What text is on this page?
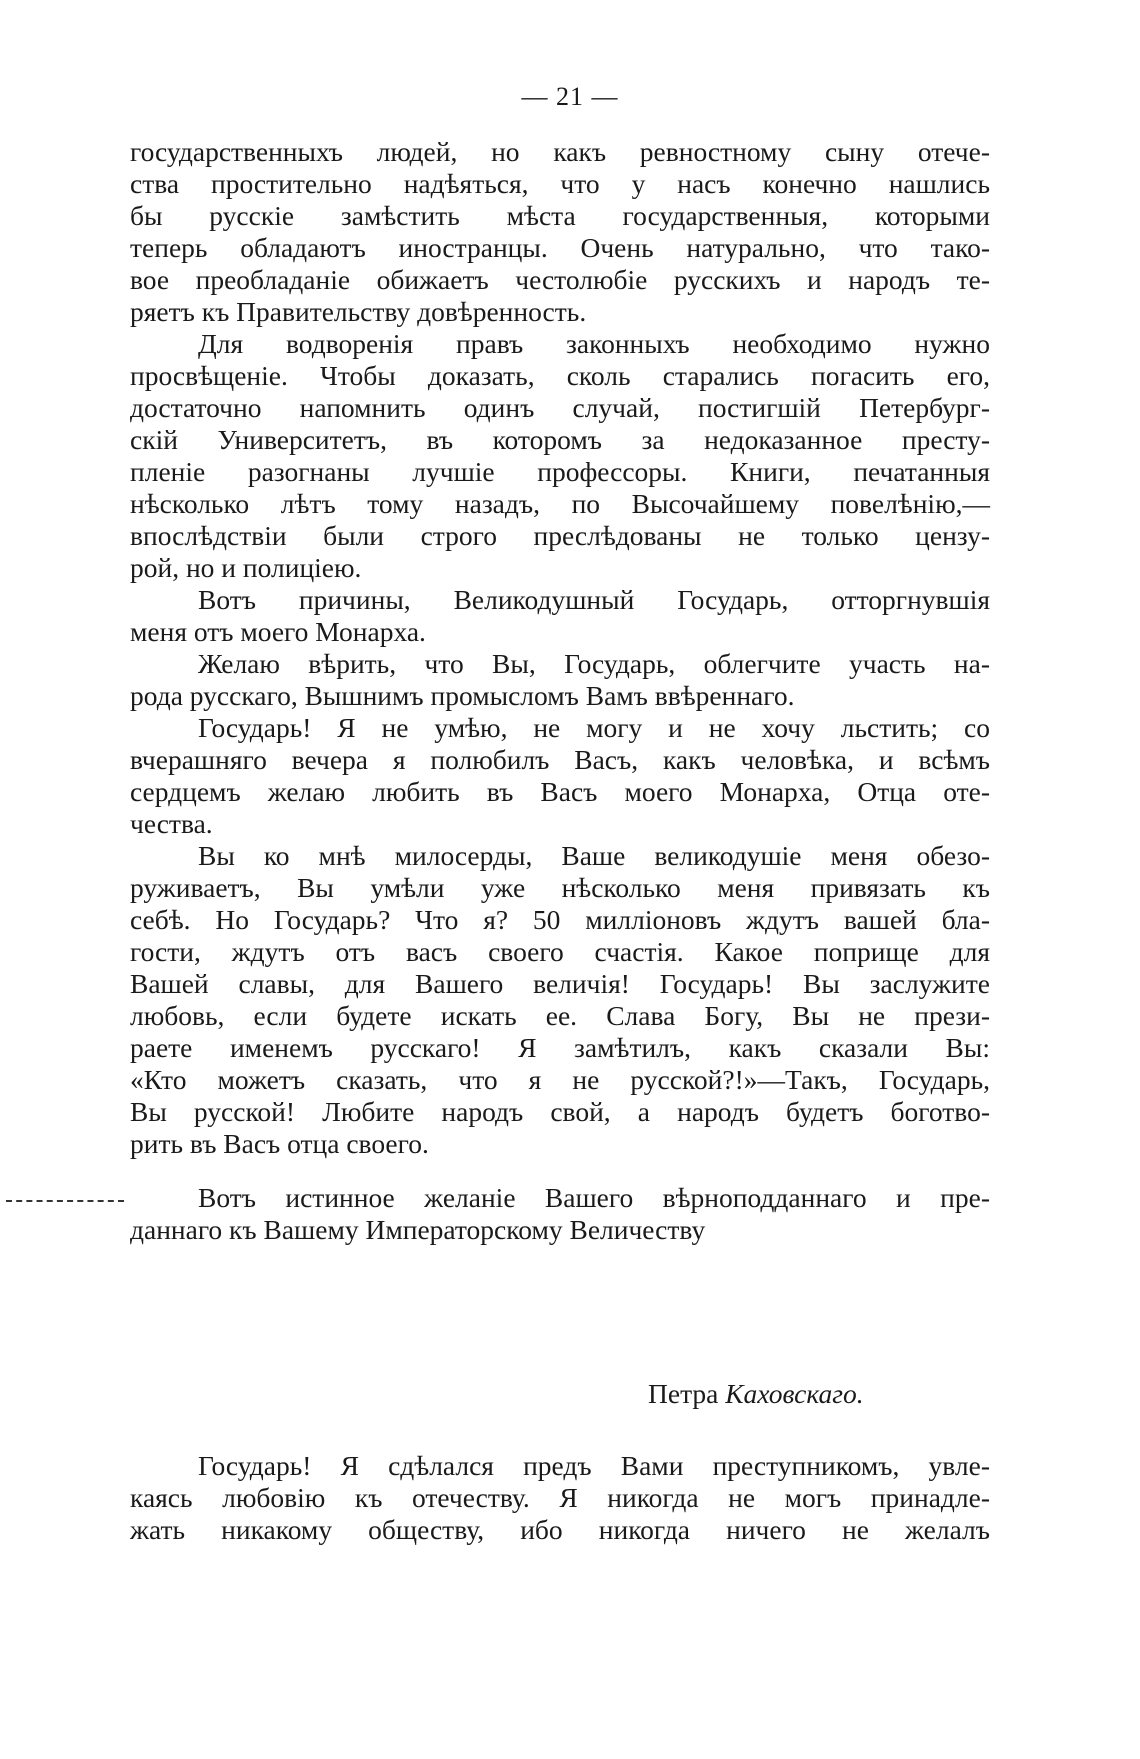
— 21 —
государственныхъ людей, но какъ ревностному сыну отече-
ства простительно надѣяться, что у насъ конечно нашлись
бы русскіе замѣстить мѣста государственныя, которыми
теперь обладаютъ иностранцы. Очень натурально, что тако-
вое преобладаніе обижаетъ честолюбіе русскихъ и народъ те-
ряетъ къ Правительству довѣренность.
Для водворенія правъ законныхъ необходимо нужно
просвѣщеніе. Чтобы доказать, сколь старались погасить его,
достаточно напомнить одинъ случай, постигшій Петербург-
скій Университетъ, въ которомъ за недоказанное престу-
пленіе разогнаны лучшіе профессоры. Книги, печатанныя
нѣсколько лѣтъ тому назадъ, по Высочайшему повелѣнію,—
впослѣдствіи были строго преслѣдованы не только цензу-
рой, но и полиціею.
Вотъ причины, Великодушный Государь, отторгнувшія
меня отъ моего Монарха.
Желаю вѣрить, что Вы, Государь, облегчите участь на-
рода русскаго, Вышнимъ промысломъ Вамъ ввѣреннаго.
Государь! Я не умѣю, не могу и не хочу льстить; со
вчерашняго вечера я полюбилъ Васъ, какъ человѣка, и всѣмъ
сердцемъ желаю любить въ Васъ моего Монарха, Отца оте-
чества.
Вы ко мнѣ милосерды, Ваше великодушіе меня обезо-
руживаетъ, Вы умѣли уже нѣсколько меня привязать къ
себѣ. Но Государь? Что я? 50 милліоновъ ждутъ вашей бла-
гости, ждутъ отъ васъ своего счастія. Какое поприще для
Вашей славы, для Вашего величія! Государь! Вы заслужите
любовь, если будете искать ее. Слава Богу, Вы не прези-
раете именемъ русскаго! Я замѣтилъ, какъ сказали Вы:
«Кто можетъ сказать, что я не русской?!»—Такъ, Государь,
Вы русской! Любите народъ свой, а народъ будетъ боготво-
рить въ Васъ отца своего.
Вотъ истинное желаніе Вашего вѣрноподданнаго и пре-
даннаго къ Вашему Императорскому Величеству
Петра Каховскаго.
Государь! Я сдѣлался предъ Вами преступникомъ, увле-
каясь любовію къ отечеству. Я никогда не могъ принадле-
жать никакому обществу, ибо никогда ничего не желалъ
